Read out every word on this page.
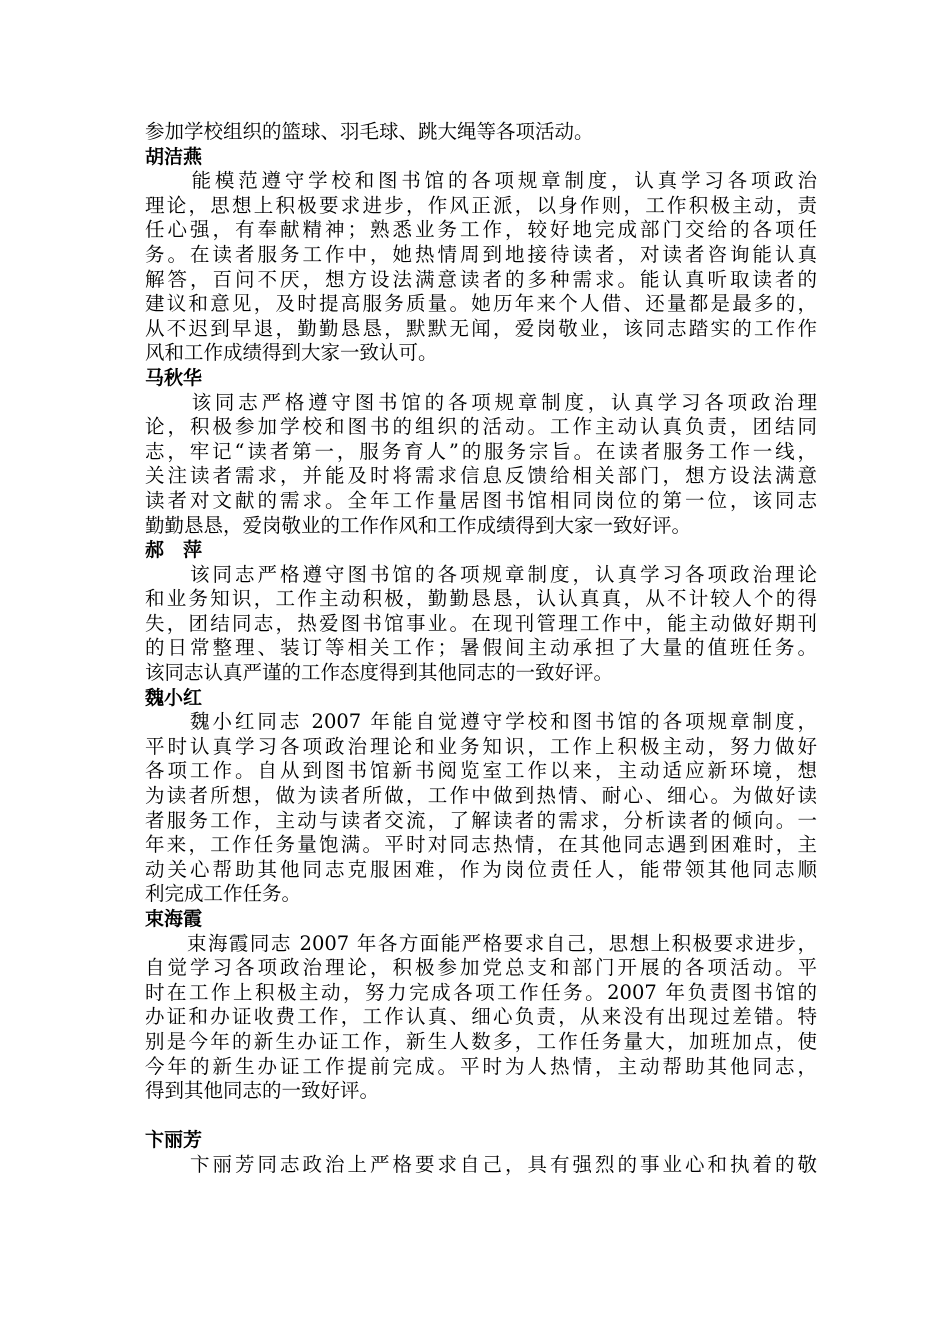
参加学校组织的篮球、羽毛球、跳大绳等各项活动。
胡洁燕
　　能模范遵守学校和图书馆的各项规章制度，认真学习各项政治
理论，思想上积极要求进步，作风正派，以身作则，工作积极主动，责
任心强，有奉献精神；熟悉业务工作，较好地完成部门交给的各项任
务。在读者服务工作中，她热情周到地接待读者，对读者咨询能认真
解答，百问不厌，想方设法满意读者的多种需求。能认真听取读者的
建议和意见，及时提高服务质量。她历年来个人借、还量都是最多的，
从不迟到早退，勤勤恳恳，默默无闻，爱岗敬业，该同志踏实的工作作
风和工作成绩得到大家一致认可。
马秋华
　　该同志严格遵守图书馆的各项规章制度，认真学习各项政治理
论，积极参加学校和图书的组织的活动。工作主动认真负责，团结同
志，牢记“读者第一，服务育人”的服务宗旨。在读者服务工作一线，
关注读者需求，并能及时将需求信息反馈给相关部门，想方设法满意
读者对文献的需求。全年工作量居图书馆相同岗位的第一位，该同志
勤勤恳恳，爱岗敬业的工作作风和工作成绩得到大家一致好评。
郝　萍
　　该同志严格遵守图书馆的各项规章制度，认真学习各项政治理论
和业务知识，工作主动积极，勤勤恳恳，认认真真，从不计较人个的得
失，团结同志，热爱图书馆事业。在现刊管理工作中，能主动做好期刊
的日常整理、装订等相关工作；暑假间主动承担了大量的值班任务。
该同志认真严谨的工作态度得到其他同志的一致好评。
魏小红
　　魏小红同志 2007 年能自觉遵守学校和图书馆的各项规章制度，
平时认真学习各项政治理论和业务知识，工作上积极主动，努力做好
各项工作。自从到图书馆新书阅览室工作以来，主动适应新环境，想
为读者所想，做为读者所做，工作中做到热情、耐心、细心。为做好读
者服务工作，主动与读者交流，了解读者的需求，分析读者的倾向。一
年来，工作任务量饱满。平时对同志热情，在其他同志遇到困难时，主
动关心帮助其他同志克服困难，作为岗位责任人，能带领其他同志顺
利完成工作任务。
束海霞
　　束海霞同志 2007 年各方面能严格要求自己，思想上积极要求进步，
自觉学习各项政治理论，积极参加党总支和部门开展的各项活动。平
时在工作上积极主动，努力完成各项工作任务。2007 年负责图书馆的
办证和办证收费工作，工作认真、细心负责，从来没有出现过差错。特
别是今年的新生办证工作，新生人数多，工作任务量大，加班加点，使
今年的新生办证工作提前完成。平时为人热情，主动帮助其他同志，
得到其他同志的一致好评。
卞丽芳
　　卞丽芳同志政治上严格要求自己，具有强烈的事业心和执着的敬
